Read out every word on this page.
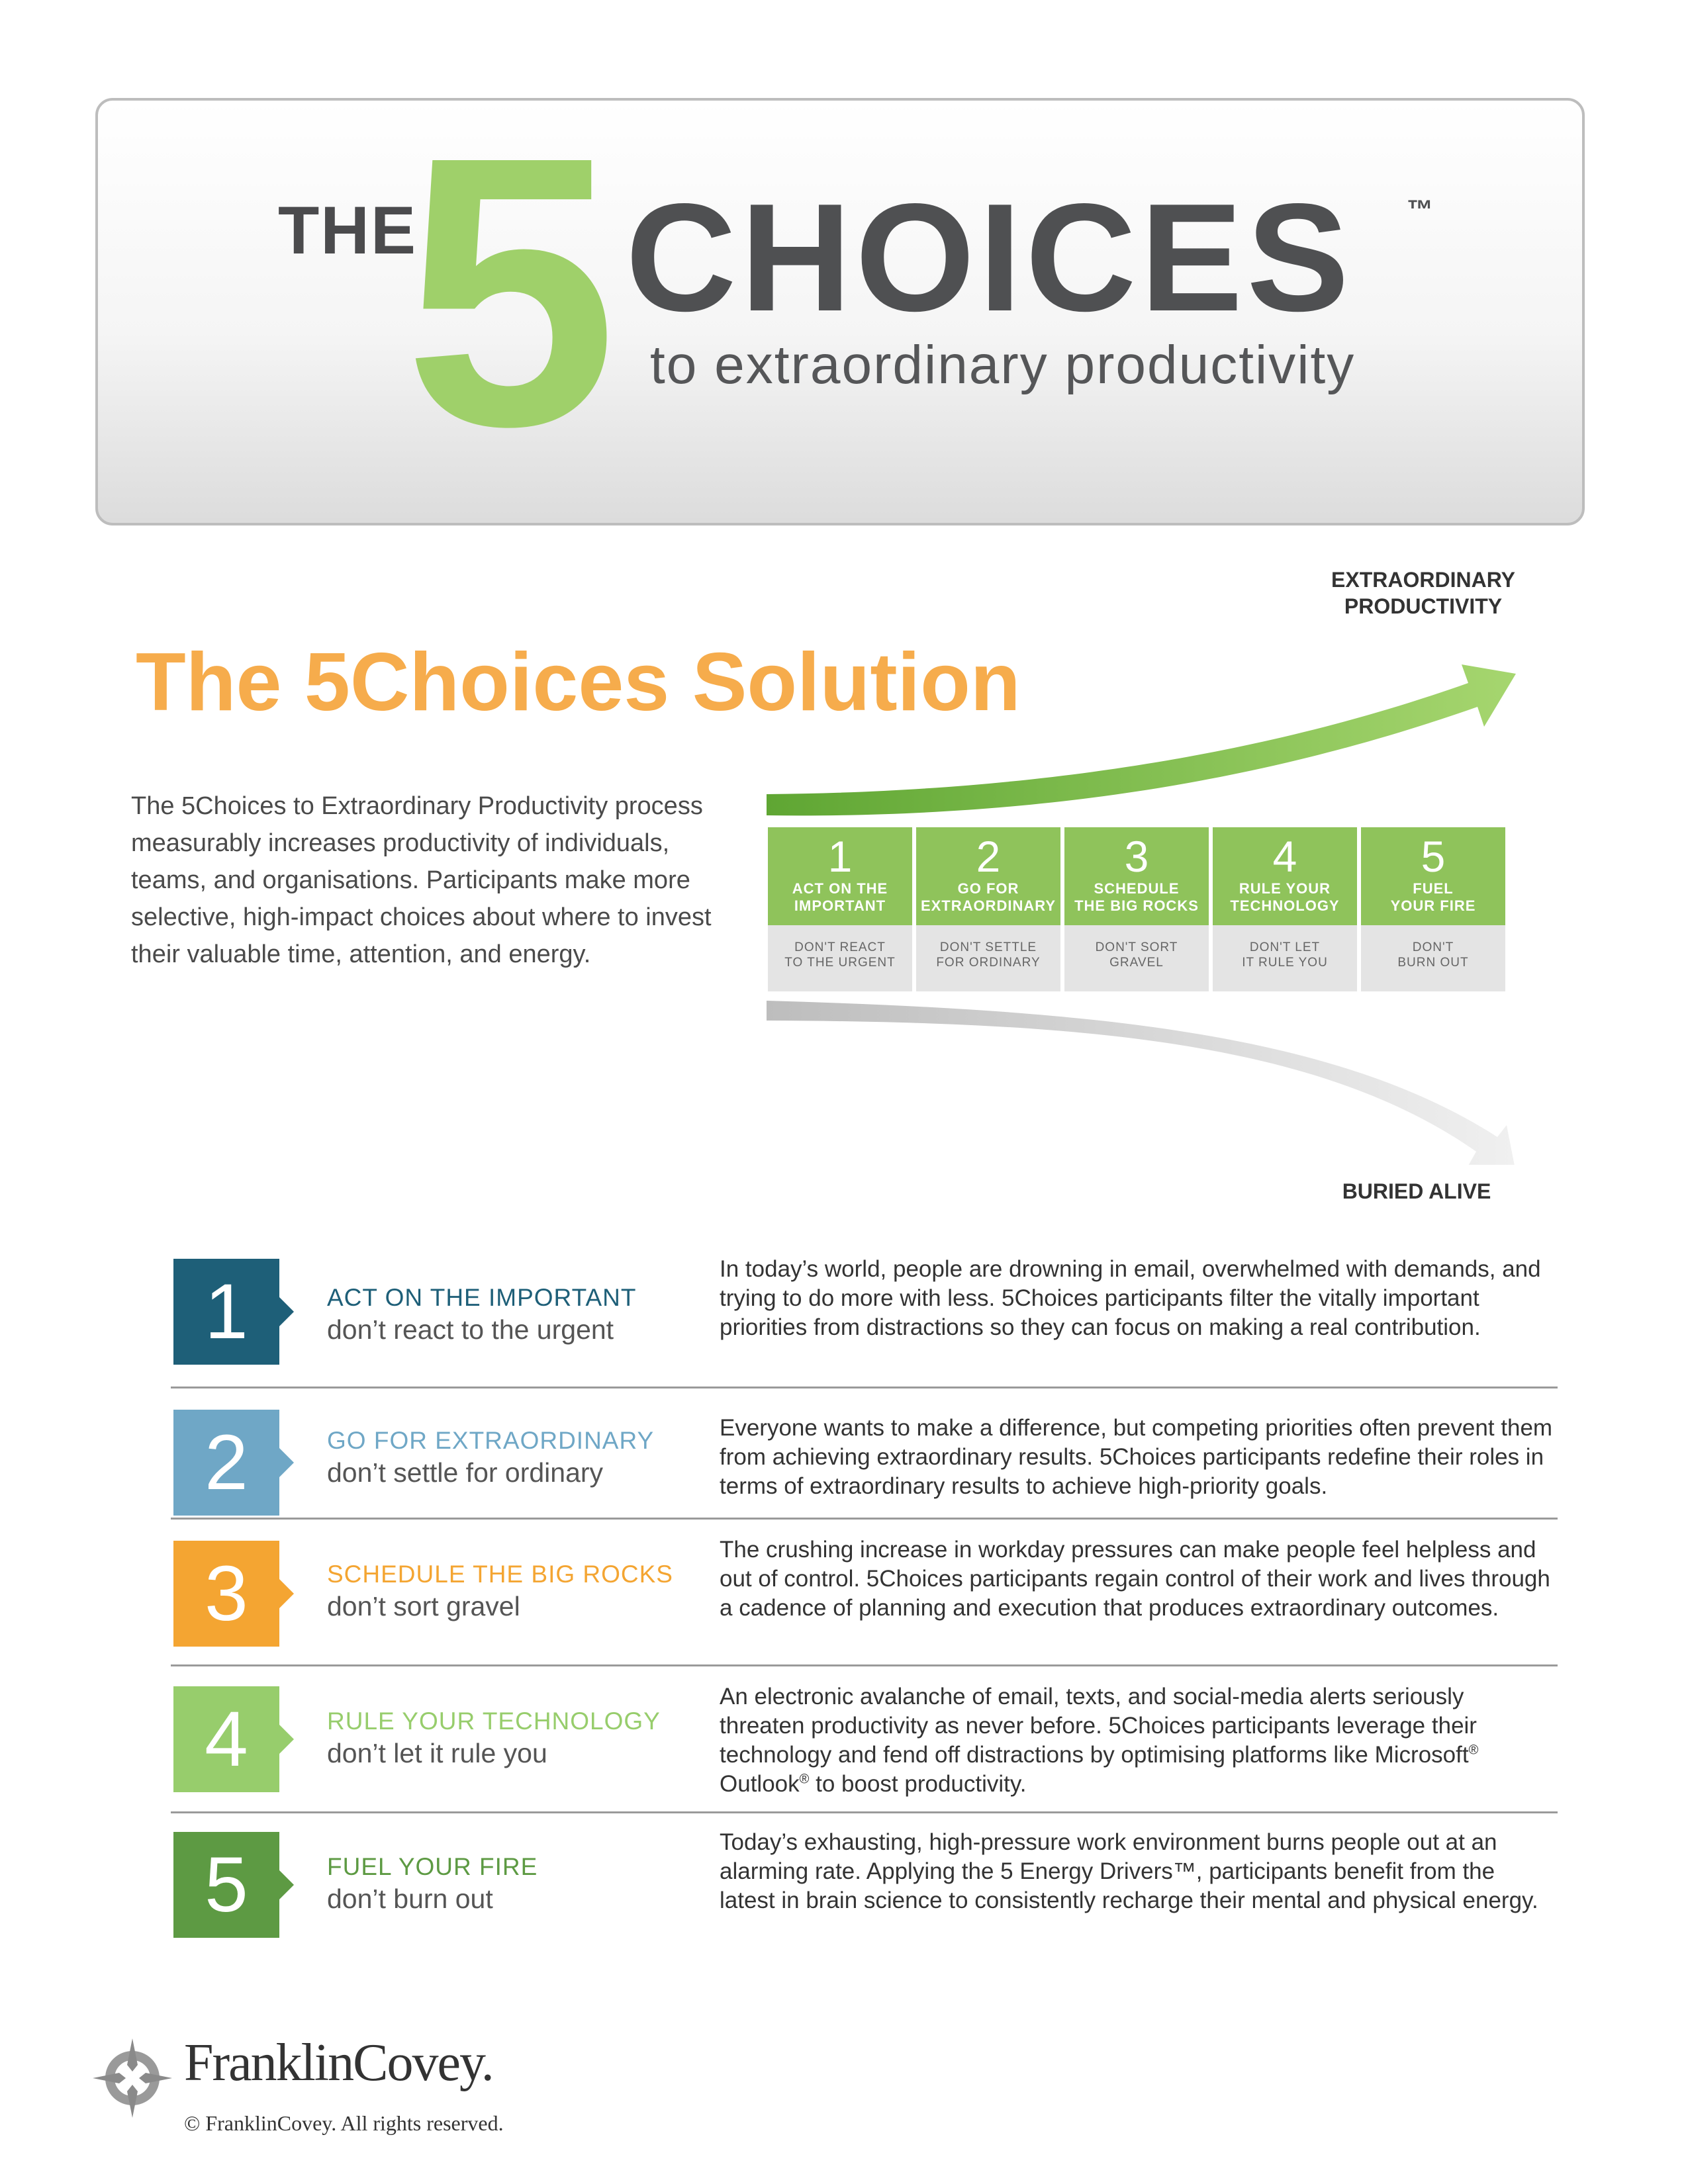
THE
5 CHOICES ™
to extraordinary productivity
The 5Choices Solution
The 5Choices to Extraordinary Productivity process measurably increases productivity of individuals, teams, and organisations. Participants make more selective, high-impact choices about where to invest their valuable time, attention, and energy.
EXTRAORDINARY
PRODUCTIVITY
BURIED ALIVE
1
ACT ON THE
IMPORTANT
DON'T REACT
TO THE URGENT
2
GO FOR
EXTRAORDINARY
DON'T SETTLE
FOR ORDINARY
3
SCHEDULE
THE BIG ROCKS
DON'T SORT
GRAVEL
4
RULE YOUR
TECHNOLOGY
DON'T LET
IT RULE YOU
5
FUEL
YOUR FIRE
DON'T
BURN OUT
1	ACT ON THE IMPORTANT
don’t react to the urgent
In today’s world, people are drowning in email, overwhelmed with demands, and trying to do more with less. 5Choices participants filter the vitally important priorities from distractions so they can focus on making a real contribution.
2	GO FOR EXTRAORDINARY
don’t settle for ordinary
Everyone wants to make a difference, but competing priorities often prevent them from achieving extraordinary results. 5Choices participants redefine their roles in terms of extraordinary results to achieve high-priority goals.
3	SCHEDULE THE BIG ROCKS
don’t sort gravel
The crushing increase in workday pressures can make people feel helpless and out of control. 5Choices participants regain control of their work and lives through a cadence of planning and execution that produces extraordinary outcomes.
4	RULE YOUR TECHNOLOGY
don’t let it rule you
An electronic avalanche of email, texts, and social-media alerts seriously threaten productivity as never before. 5Choices participants leverage their technology and fend off distractions by optimising platforms like Microsoft® Outlook® to boost productivity.
5	FUEL YOUR FIRE
don’t burn out
Today’s exhausting, high-pressure work environment burns people out at an alarming rate. Applying the 5 Energy Drivers™, participants benefit from the latest in brain science to consistently recharge their mental and physical energy.
FranklinCovey.
© FranklinCovey. All rights reserved.
